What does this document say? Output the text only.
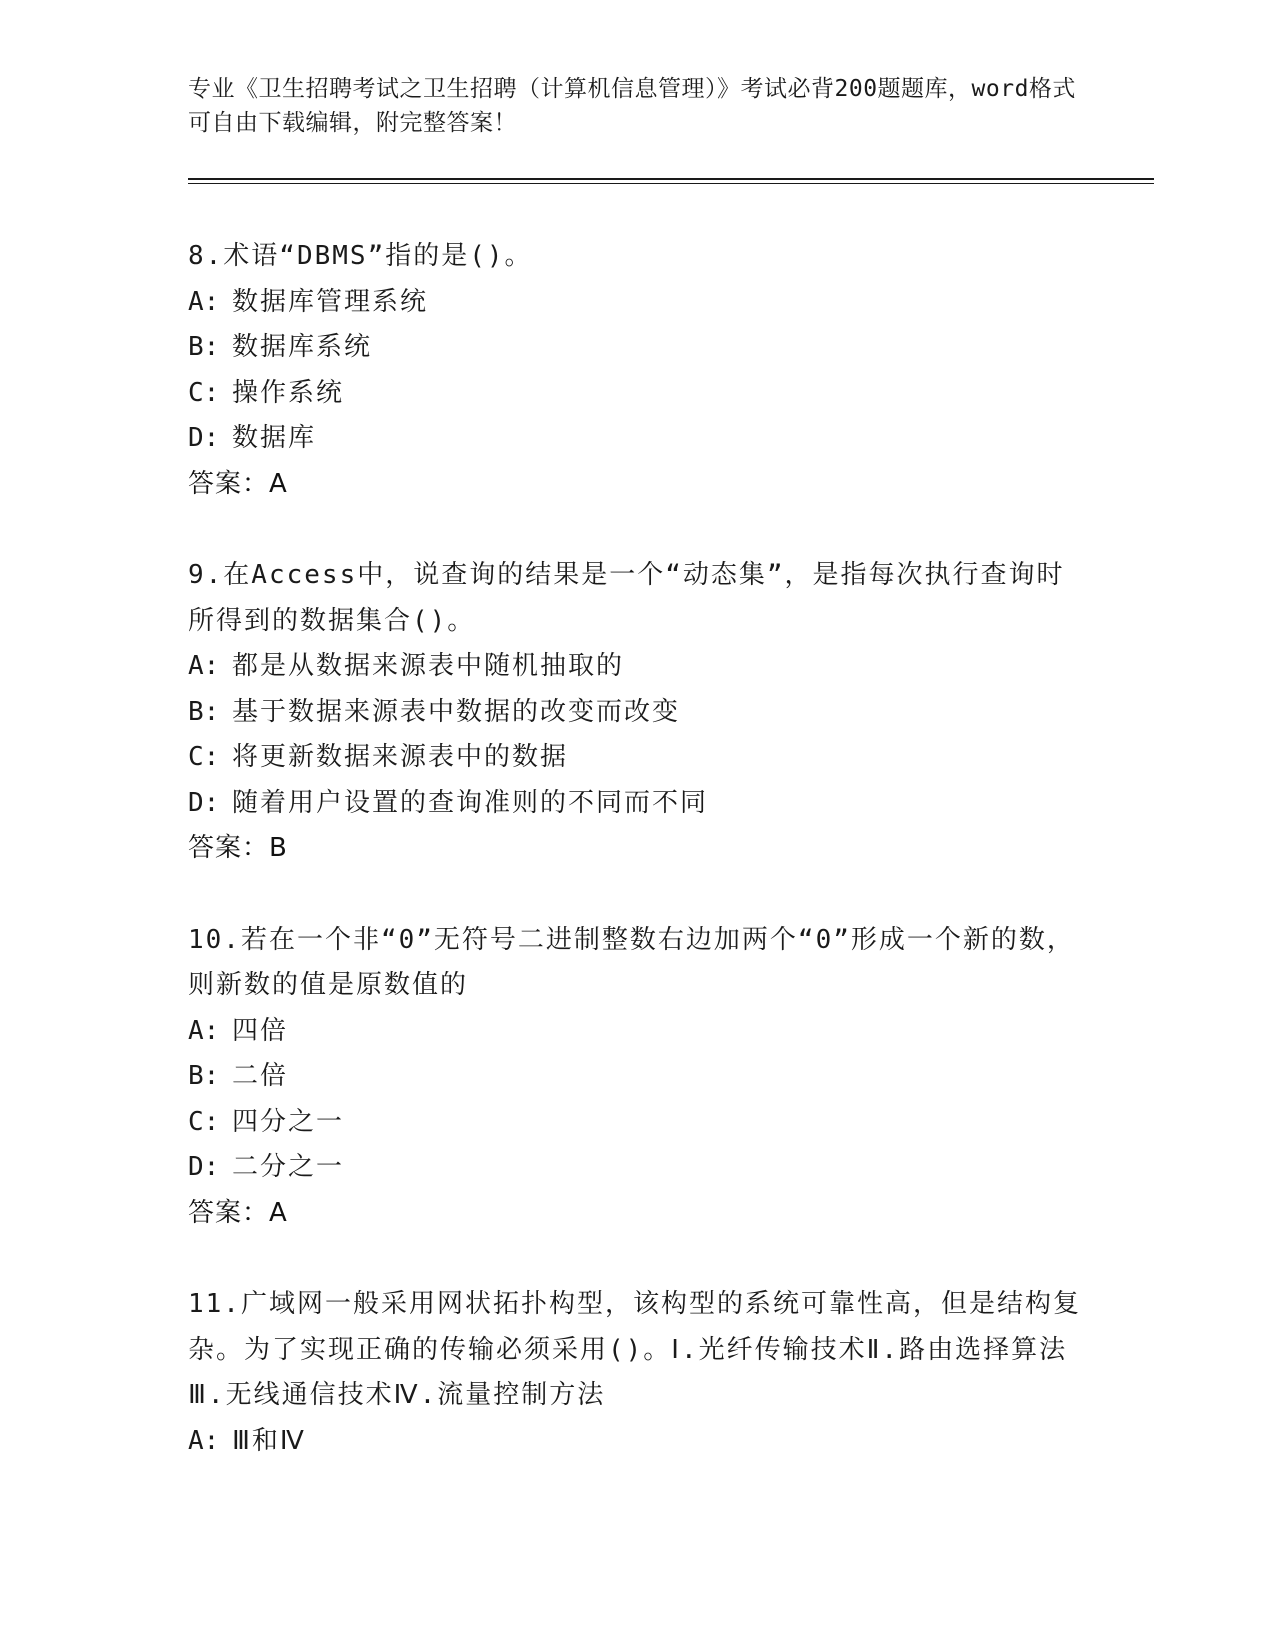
专业《卫生招聘考试之卫生招聘（计算机信息管理）》考试必背200题题库，word格式可自由下载编辑，附完整答案！
8.术语“DBMS”指的是()。
A: 数据库管理系统
B: 数据库系统
C: 操作系统
D: 数据库
答案：A
9.在Access中，说查询的结果是一个“动态集”，是指每次执行查询时所得到的数据集合()。
A: 都是从数据来源表中随机抽取的
B: 基于数据来源表中数据的改变而改变
C: 将更新数据来源表中的数据
D: 随着用户设置的查询准则的不同而不同
答案：B
10.若在一个非“0”无符号二进制整数右边加两个“0”形成一个新的数，则新数的值是原数值的
A: 四倍
B: 二倍
C: 四分之一
D: 二分之一
答案：A
11.广域网一般采用网状拓扑构型，该构型的系统可靠性高，但是结构复杂。为了实现正确的传输必须采用()。Ⅰ.光纤传输技术Ⅱ.路由选择算法Ⅲ.无线通信技术Ⅳ.流量控制方法
A: Ⅲ和Ⅳ
